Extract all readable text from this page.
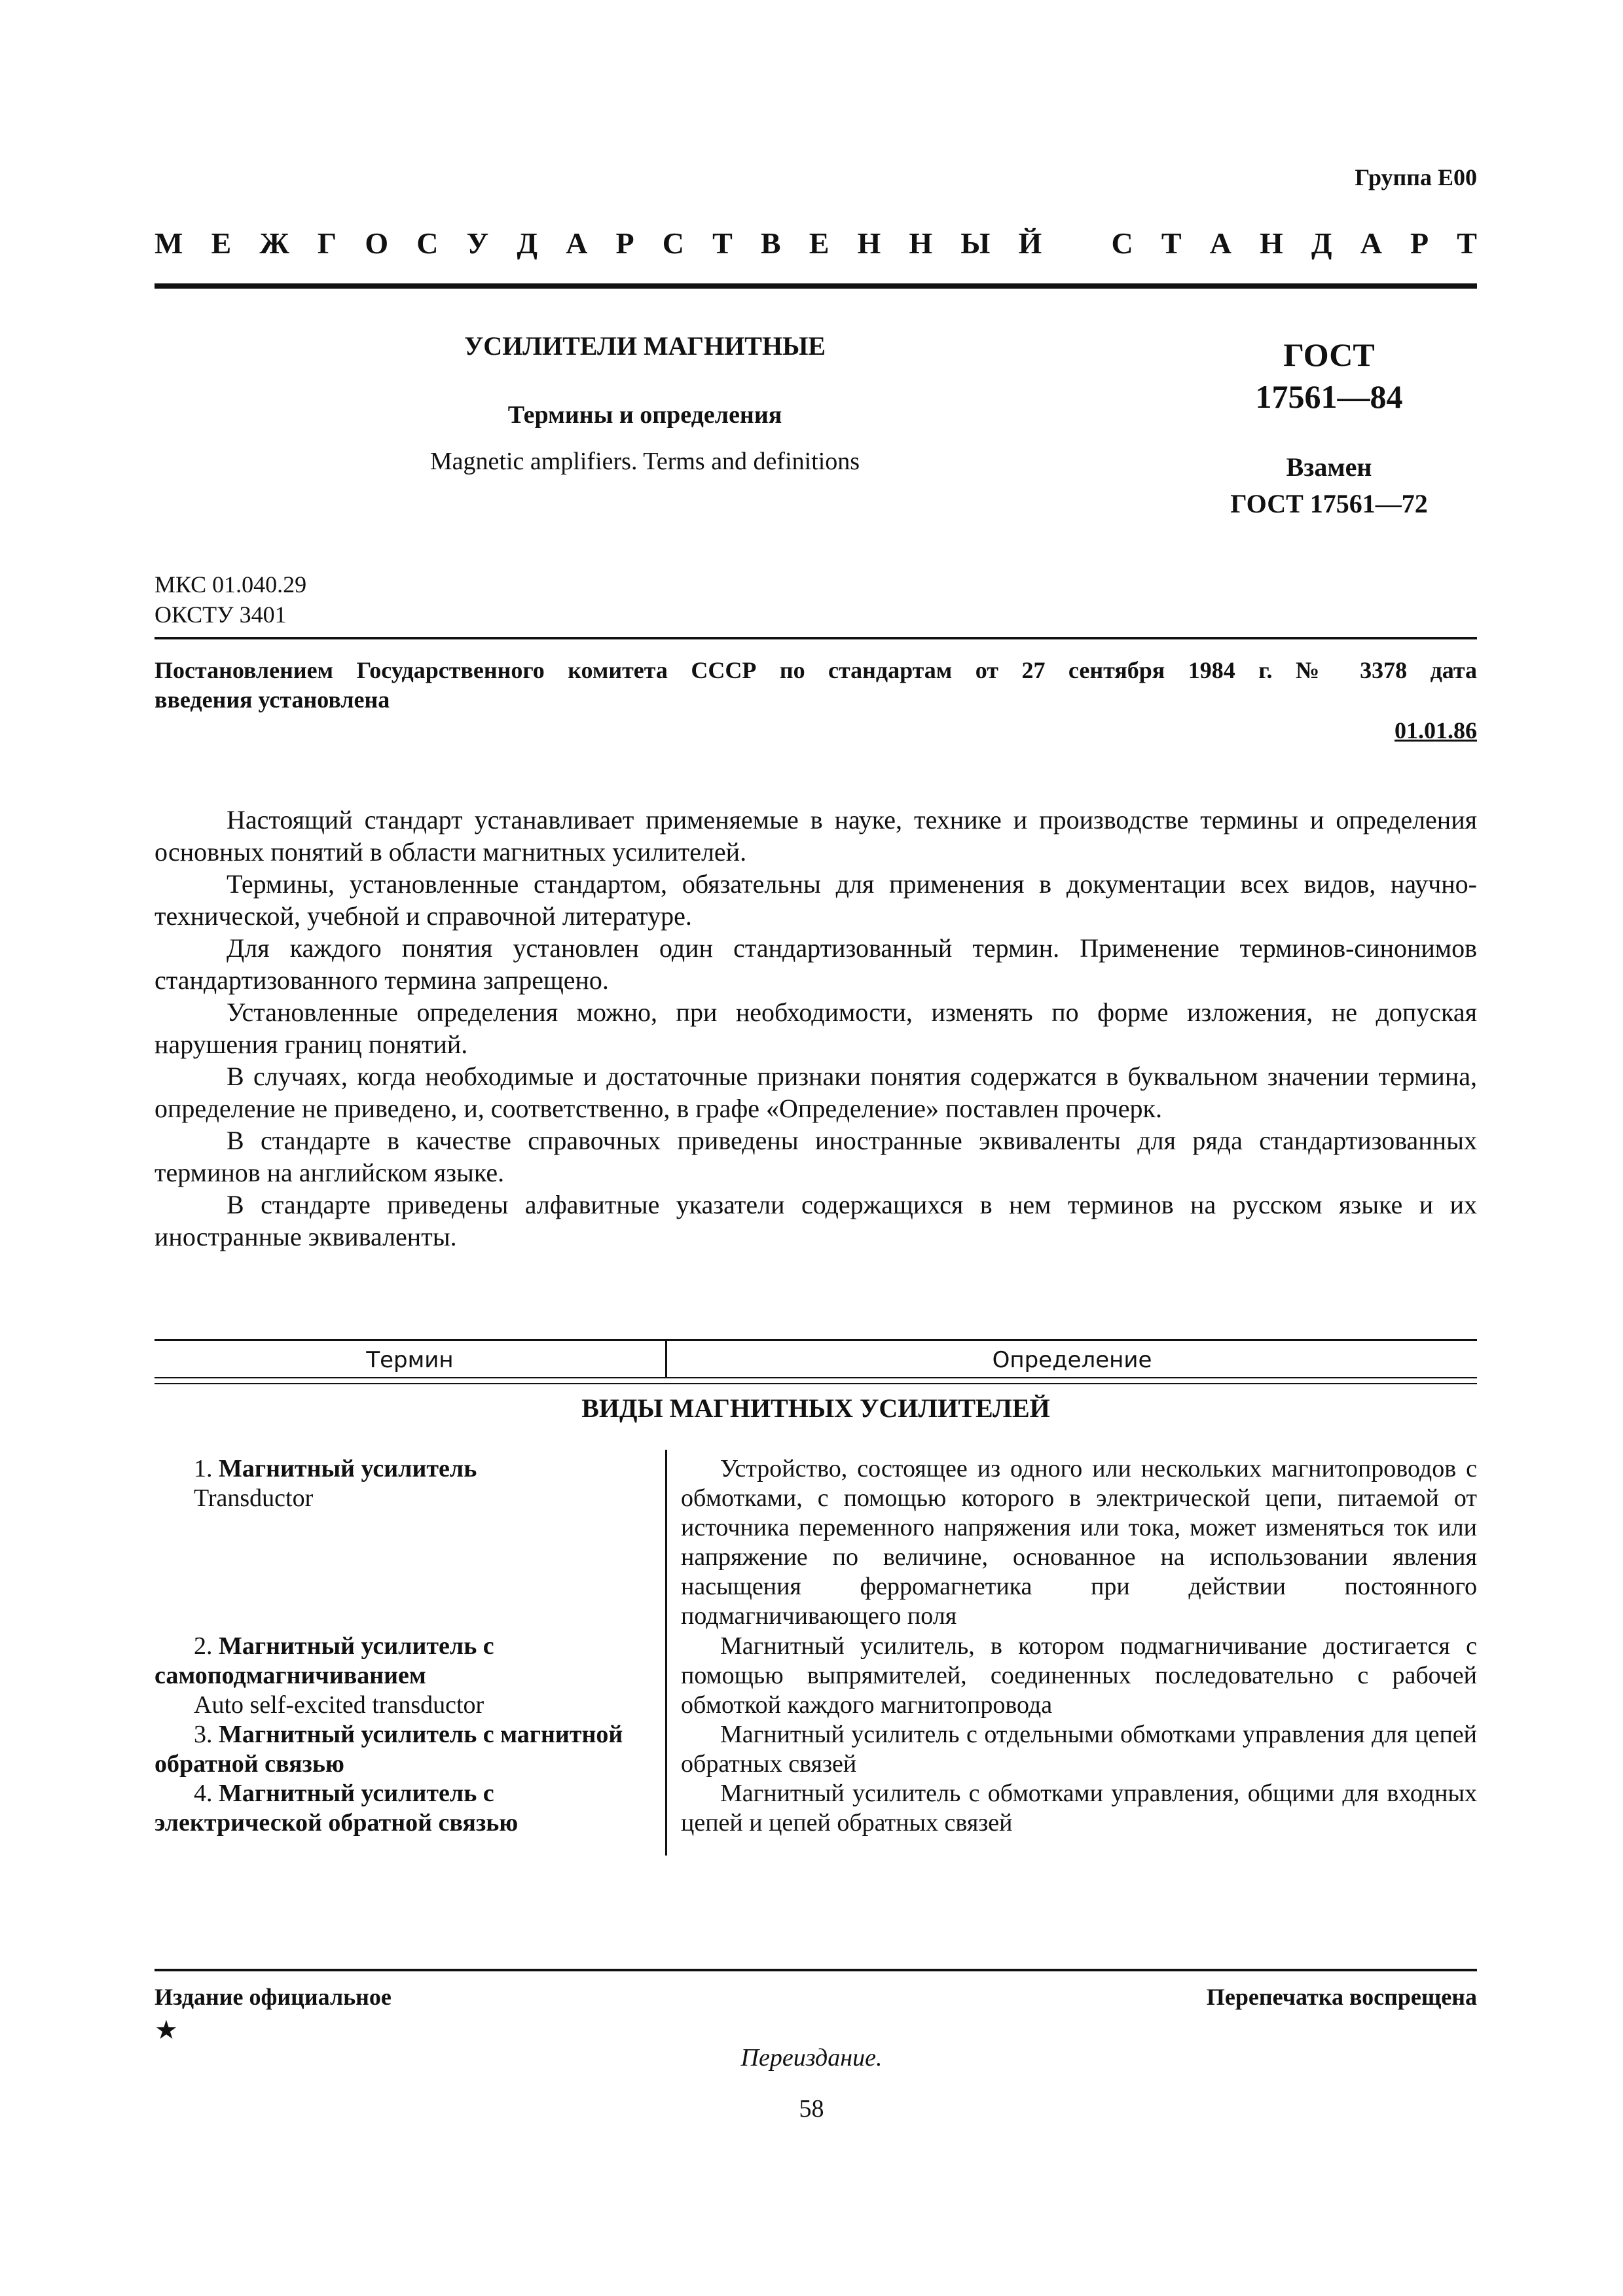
Группа Е00
М Е Ж Г О С У Д А Р С Т В Е Н Н Ы Й С Т А Н Д А Р Т
УСИЛИТЕЛИ МАГНИТНЫЕ
Термины и определения
Magnetic amplifiers. Terms and definitions
ГОСТ
17561—84
Взамен
ГОСТ 17561—72
МКС 01.040.29
ОКСТУ 3401
Постановлением Государственного комитета СССР по стандартам от 27 сентября 1984 г. № 3378 дата
введения установлена
01.01.86

Настоящий стандарт устанавливает применяемые в науке, технике и производстве термины и определения основных понятий в области магнитных усилителей.

Термины, установленные стандартом, обязательны для применения в документации всех видов, научно-технической, учебной и справочной литературе.

Для каждого понятия установлен один стандартизованный термин. Применение терминов-синонимов стандартизованного термина запрещено.

Установленные определения можно, при необходимости, изменять по форме изложения, не допуская нарушения границ понятий.

В случаях, когда необходимые и достаточные признаки понятия содержатся в буквальном значении термина, определение не приведено, и, соответственно, в графе «Определение» поставлен прочерк.

В стандарте в качестве справочных приведены иностранные эквиваленты для ряда стандартизованных терминов на английском языке.

В стандарте приведены алфавитные указатели содержащихся в нем терминов на русском языке и их иностранные эквиваленты.

Термин	Определение
ВИДЫ МАГНИТНЫХ УСИЛИТЕЛЕЙ
1. Магнитный усилитель
Transductor

Устройство, состоящее из одного или нескольких магнитопроводов с обмотками, с помощью которого в электрической цепи, питаемой от источника переменного напряжения или тока, может изменяться ток или напряжение по величине, основанное на использовании явления насыщения ферромагнетика при действии постоянного подмагничивающего поля

2. Магнитный усилитель с самоподмагничиванием
Auto self-excited transductor

Магнитный усилитель, в котором подмагничивание достигается с помощью выпрямителей, соединенных последовательно с рабочей обмоткой каждого магнитопровода

3. Магнитный усилитель с магнитной обратной связью

Магнитный усилитель с отдельными обмотками управления для цепей обратных связей

4. Магнитный усилитель с электрической обратной связью

Магнитный усилитель с обмотками управления, общими для входных цепей и цепей обратных связей

Издание официальное	Перепечатка воспрещена
★
Переиздание.
58
